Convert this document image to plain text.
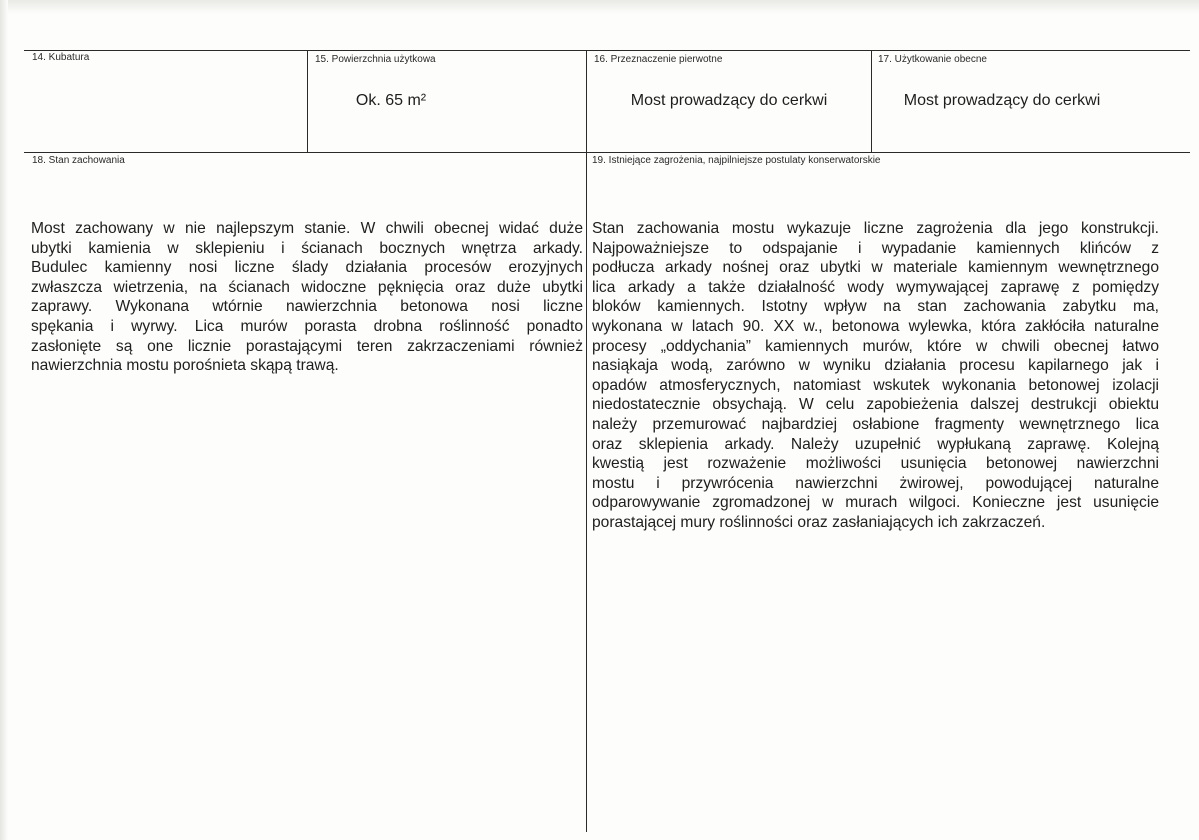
14. Kubatura	15. Powierzchnia użytkowa
Ok. 65 m²
16. Przeznaczenie pierwotne
Most prowadzący do cerkwi
17. Użytkowanie obecne
Most prowadzący do cerkwi
18. Stan zachowania	19. Istniejące zagrożenia, najpilniejsze postulaty konserwatorskie
Most zachowany w nie najlepszym stanie. W chwili obecnej widać duże
ubytki kamienia w sklepieniu i ścianach bocznych wnętrza arkady.
Budulec kamienny nosi liczne ślady działania procesów erozyjnych
zwłaszcza wietrzenia, na ścianach widoczne pęknięcia oraz duże ubytki
zaprawy. Wykonana wtórnie nawierzchnia betonowa nosi liczne
spękania i wyrwy. Lica murów porasta drobna roślinność ponadto
zasłonięte są one licznie porastającymi teren zakrzaczeniami również
nawierzchnia mostu porośnieta skąpą trawą.
Stan zachowania mostu wykazuje liczne zagrożenia dla jego konstrukcji.
Najpoważniejsze to odspajanie i wypadanie kamiennych klińców z
podłucza arkady nośnej oraz ubytki w materiale kamiennym wewnętrznego
lica arkady a także działalność wody wymywającej zaprawę z pomiędzy
bloków kamiennych. Istotny wpływ na stan zachowania zabytku ma,
wykonana w latach 90. XX w., betonowa wylewka, która zakłóciła naturalne
procesy „oddychania” kamiennych murów, które w chwili obecnej łatwo
nasiąkaja wodą, zarówno w wyniku działania procesu kapilarnego jak i
opadów atmosferycznych, natomiast wskutek wykonania betonowej izolacji
niedostatecznie obsychają. W celu zapobieżenia dalszej destrukcji obiektu
należy przemurować najbardziej osłabione fragmenty wewnętrznego lica
oraz sklepienia arkady. Należy uzupełnić wypłukaną zaprawę. Kolejną
kwestią jest rozważenie możliwości usunięcia betonowej nawierzchni
mostu i przywrócenia nawierzchni żwirowej, powodującej naturalne
odparowywanie zgromadzonej w murach wilgoci. Konieczne jest usunięcie
porastającej mury roślinności oraz zasłaniających ich zakrzaczeń.
